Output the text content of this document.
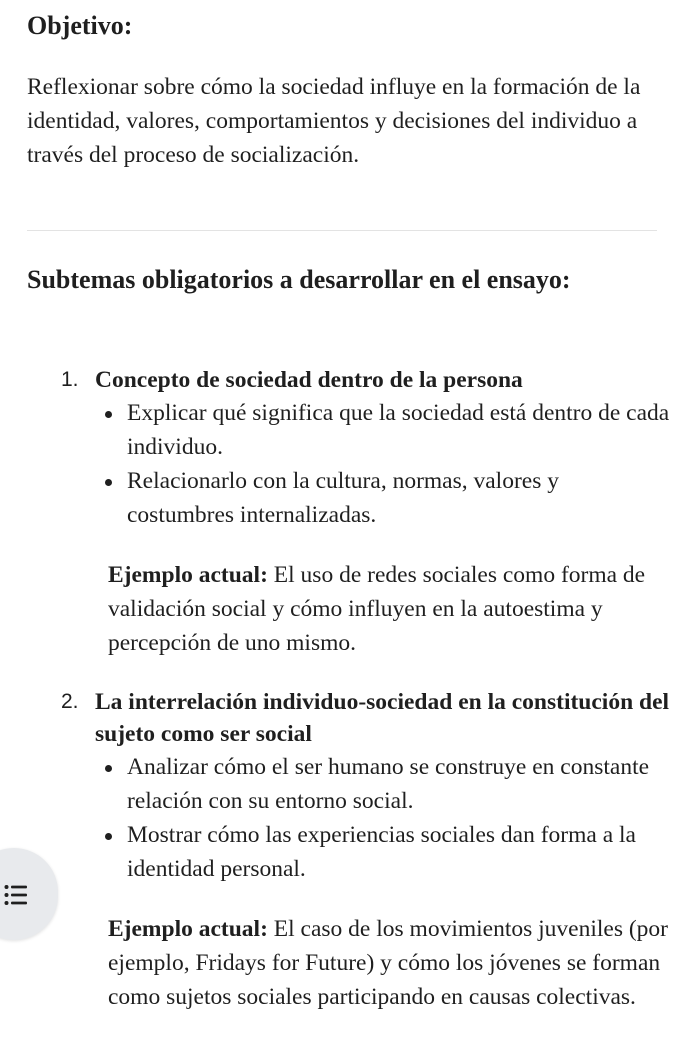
Objetivo:

Reflexionar sobre cómo la sociedad influye en la formación de la identidad, valores, comportamientos y decisiones del individuo a través del proceso de socialización.

Subtemas obligatorios a desarrollar en el ensayo:
1. Concepto de sociedad dentro de la persona

Explicar qué significa que la sociedad está dentro de cada individuo.
Relacionarlo con la cultura, normas, valores y costumbres internalizadas.

Ejemplo actual: El uso de redes sociales como forma de validación social y cómo influyen en la autoestima y percepción de uno mismo.

2. La interrelación individuo-sociedad en la constitución del sujeto como ser social

Analizar cómo el ser humano se construye en constante relación con su entorno social.
Mostrar cómo las experiencias sociales dan forma a la identidad personal.

Ejemplo actual: El caso de los movimientos juveniles (por ejemplo, Fridays for Future) y cómo los jóvenes se forman como sujetos sociales participando en causas colectivas.
